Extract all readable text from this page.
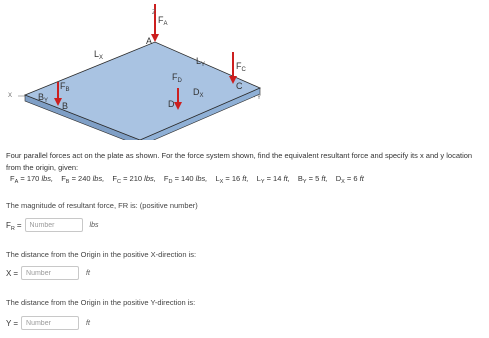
Z
X	Y
$F_A$
A
$L_X$	$L_Y$	$F_C$
C
$F_D$
$D_X$
D
$F_B$
$B_Y$ B
Four parallel forces act on the plate as shown. For the force system shown, find the equivalent resultant force and specify its x and y location from the origin, given:
$F_A = 170$ lbs, $F_B = 240$ lbs, $F_C = 210$ lbs, $F_D = 140$ lbs, $L_X = 16$ ft, $L_Y = 14$ ft, $B_Y = 5$ ft, $D_X = 6$ ft
The magnitude of resultant force, FR is: (positive number)
$F_R$ =
Number	lbs
The distance from the Origin in the positive X-direction is:
X =
Number	ft
The distance from the Origin in the positive Y-direction is:
Y =
Number	ft
